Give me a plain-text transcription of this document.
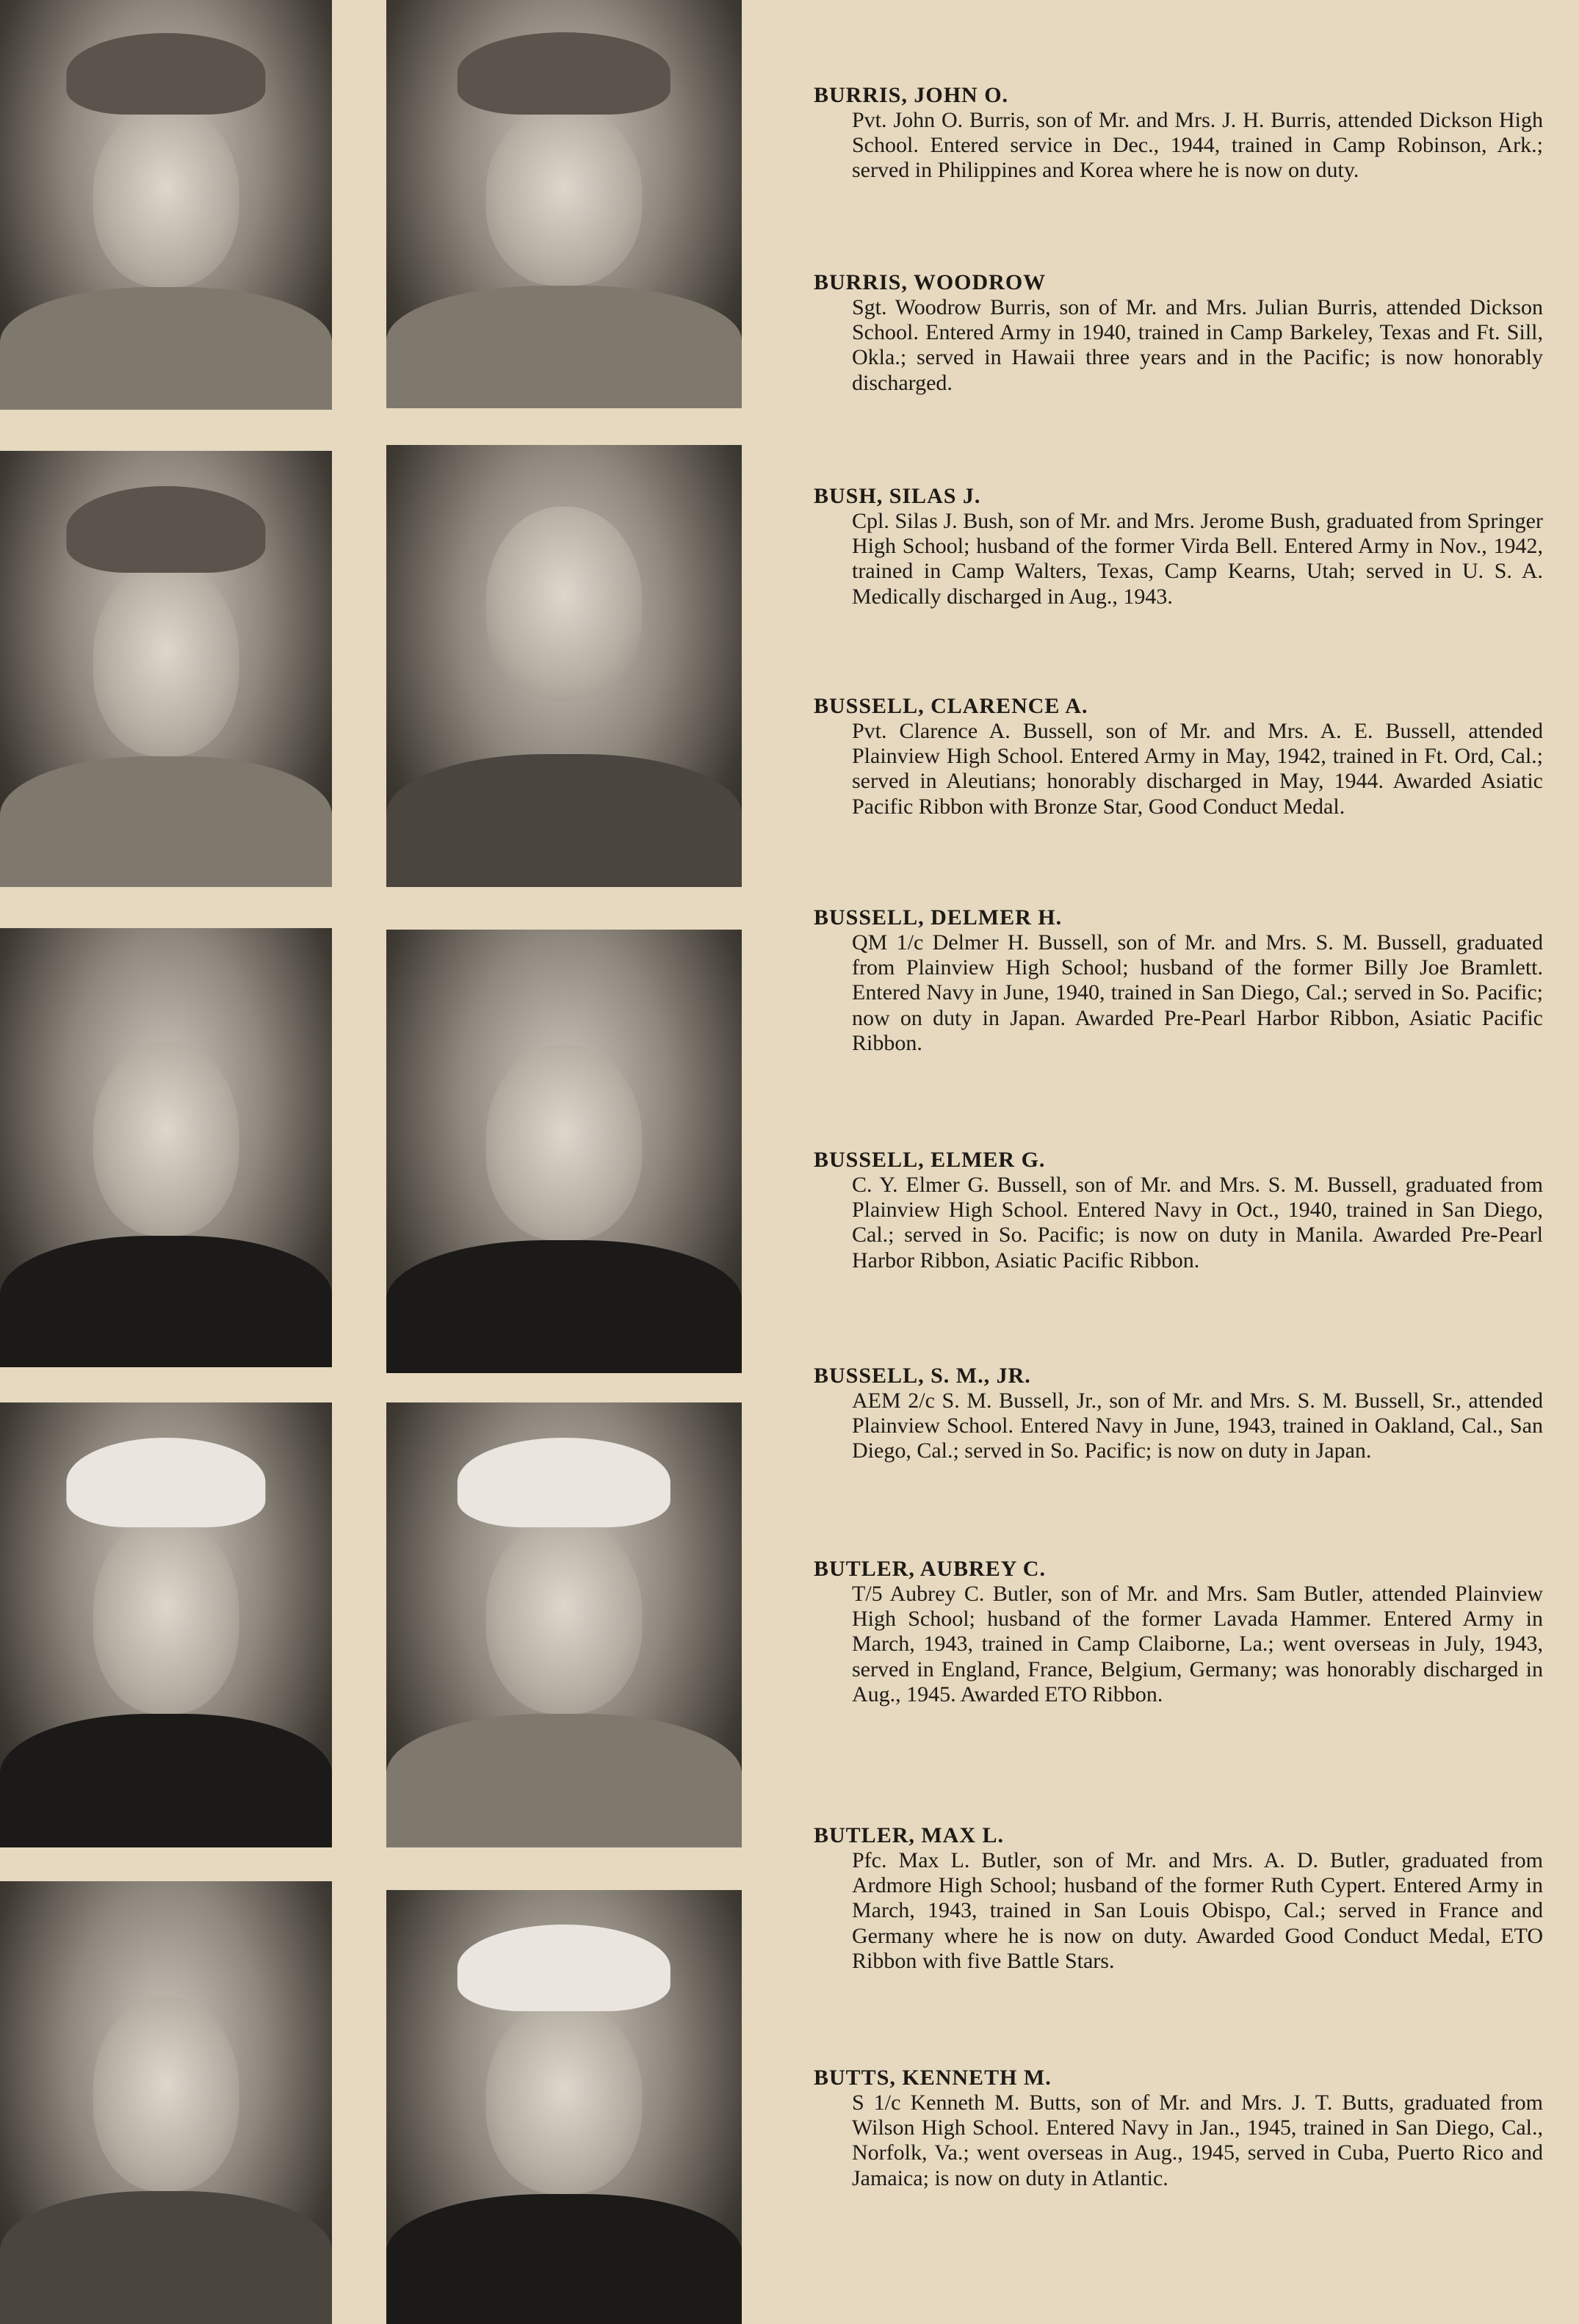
BURRIS, JOHN O.

Pvt. John O. Burris, son of Mr. and Mrs. J. H. Burris, attended Dickson High School. Entered service in Dec., 1944, trained in Camp Robinson, Ark.; served in Philippines and Korea where he is now on duty.

BURRIS, WOODROW

Sgt. Woodrow Burris, son of Mr. and Mrs. Julian Burris, attended Dickson School. Entered Army in 1940, trained in Camp Barkeley, Texas and Ft. Sill, Okla.; served in Hawaii three years and in the Pacific; is now honorably discharged.

BUSH, SILAS J.

Cpl. Silas J. Bush, son of Mr. and Mrs. Jerome Bush, graduated from Springer High School; husband of the former Virda Bell. Entered Army in Nov., 1942, trained in Camp Walters, Texas, Camp Kearns, Utah; served in U. S. A. Medically discharged in Aug., 1943.

BUSSELL, CLARENCE A.

Pvt. Clarence A. Bussell, son of Mr. and Mrs. A. E. Bussell, attended Plainview High School. Entered Army in May, 1942, trained in Ft. Ord, Cal.; served in Aleutians; honorably discharged in May, 1944. Awarded Asiatic Pacific Ribbon with Bronze Star, Good Conduct Medal.

BUSSELL, DELMER H.

QM 1/c Delmer H. Bussell, son of Mr. and Mrs. S. M. Bussell, graduated from Plainview High School; husband of the former Billy Joe Bramlett. Entered Navy in June, 1940, trained in San Diego, Cal.; served in So. Pacific; now on duty in Japan. Awarded Pre-Pearl Harbor Ribbon, Asiatic Pacific Ribbon.

BUSSELL, ELMER G.

C. Y. Elmer G. Bussell, son of Mr. and Mrs. S. M. Bussell, graduated from Plainview High School. Entered Navy in Oct., 1940, trained in San Diego, Cal.; served in So. Pacific; is now on duty in Manila. Awarded Pre-Pearl Harbor Ribbon, Asiatic Pacific Ribbon.

BUSSELL, S. M., JR.

AEM 2/c S. M. Bussell, Jr., son of Mr. and Mrs. S. M. Bussell, Sr., attended Plainview School. Entered Navy in June, 1943, trained in Oakland, Cal., San Diego, Cal.; served in So. Pacific; is now on duty in Japan.

BUTLER, AUBREY C.

T/5 Aubrey C. Butler, son of Mr. and Mrs. Sam Butler, attended Plainview High School; husband of the former Lavada Hammer. Entered Army in March, 1943, trained in Camp Claiborne, La.; went overseas in July, 1943, served in England, France, Belgium, Germany; was honorably discharged in Aug., 1945. Awarded ETO Ribbon.

BUTLER, MAX L.

Pfc. Max L. Butler, son of Mr. and Mrs. A. D. Butler, graduated from Ardmore High School; husband of the former Ruth Cypert. Entered Army in March, 1943, trained in San Louis Obispo, Cal.; served in France and Germany where he is now on duty. Awarded Good Conduct Medal, ETO Ribbon with five Battle Stars.

BUTTS, KENNETH M.

S 1/c Kenneth M. Butts, son of Mr. and Mrs. J. T. Butts, graduated from Wilson High School. Entered Navy in Jan., 1945, trained in San Diego, Cal., Norfolk, Va.; went overseas in Aug., 1945, served in Cuba, Puerto Rico and Jamaica; is now on duty in Atlantic.
